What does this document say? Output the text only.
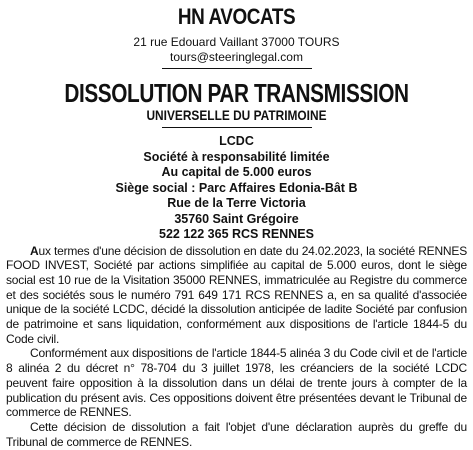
HN AVOCATS
21 rue Edouard Vaillant 37000 TOURS
tours@steeringlegal.com
DISSOLUTION PAR TRANSMISSION
UNIVERSELLE DU PATRIMOINE
LCDC
Société à responsabilité limitée
Au capital de 5.000 euros
Siège social : Parc Affaires Edonia-Bât B
Rue de la Terre Victoria
35760 Saint Grégoire
522 122 365 RCS RENNES

Aux termes d'une décision de dissolution en date du 24.02.2023, la société RENNES FOOD INVEST, Société par actions simplifiée au capital de 5.000 euros, dont le siège social est 10 rue de la Visitation 35000 RENNES, immatriculée au Registre du commerce et des sociétés sous le numéro 791 649 171 RCS RENNES a, en sa qualité d'associée unique de la société LCDC, décidé la dissolution anticipée de ladite Société par confusion de patrimoine et sans liquidation, conformément aux dispositions de l'article 1844-5 du Code civil.

Conformément aux dispositions de l'article 1844-5 alinéa 3 du Code civil et de l'article 8 alinéa 2 du décret n° 78-704 du 3 juillet 1978, les créanciers de la société LCDC peuvent faire opposition à la dissolution dans un délai de trente jours à compter de la publication du présent avis. Ces oppositions doivent être présentées devant le Tribunal de commerce de RENNES.

Cette décision de dissolution a fait l'objet d'une déclaration auprès du greffe du Tribunal de commerce de RENNES.
